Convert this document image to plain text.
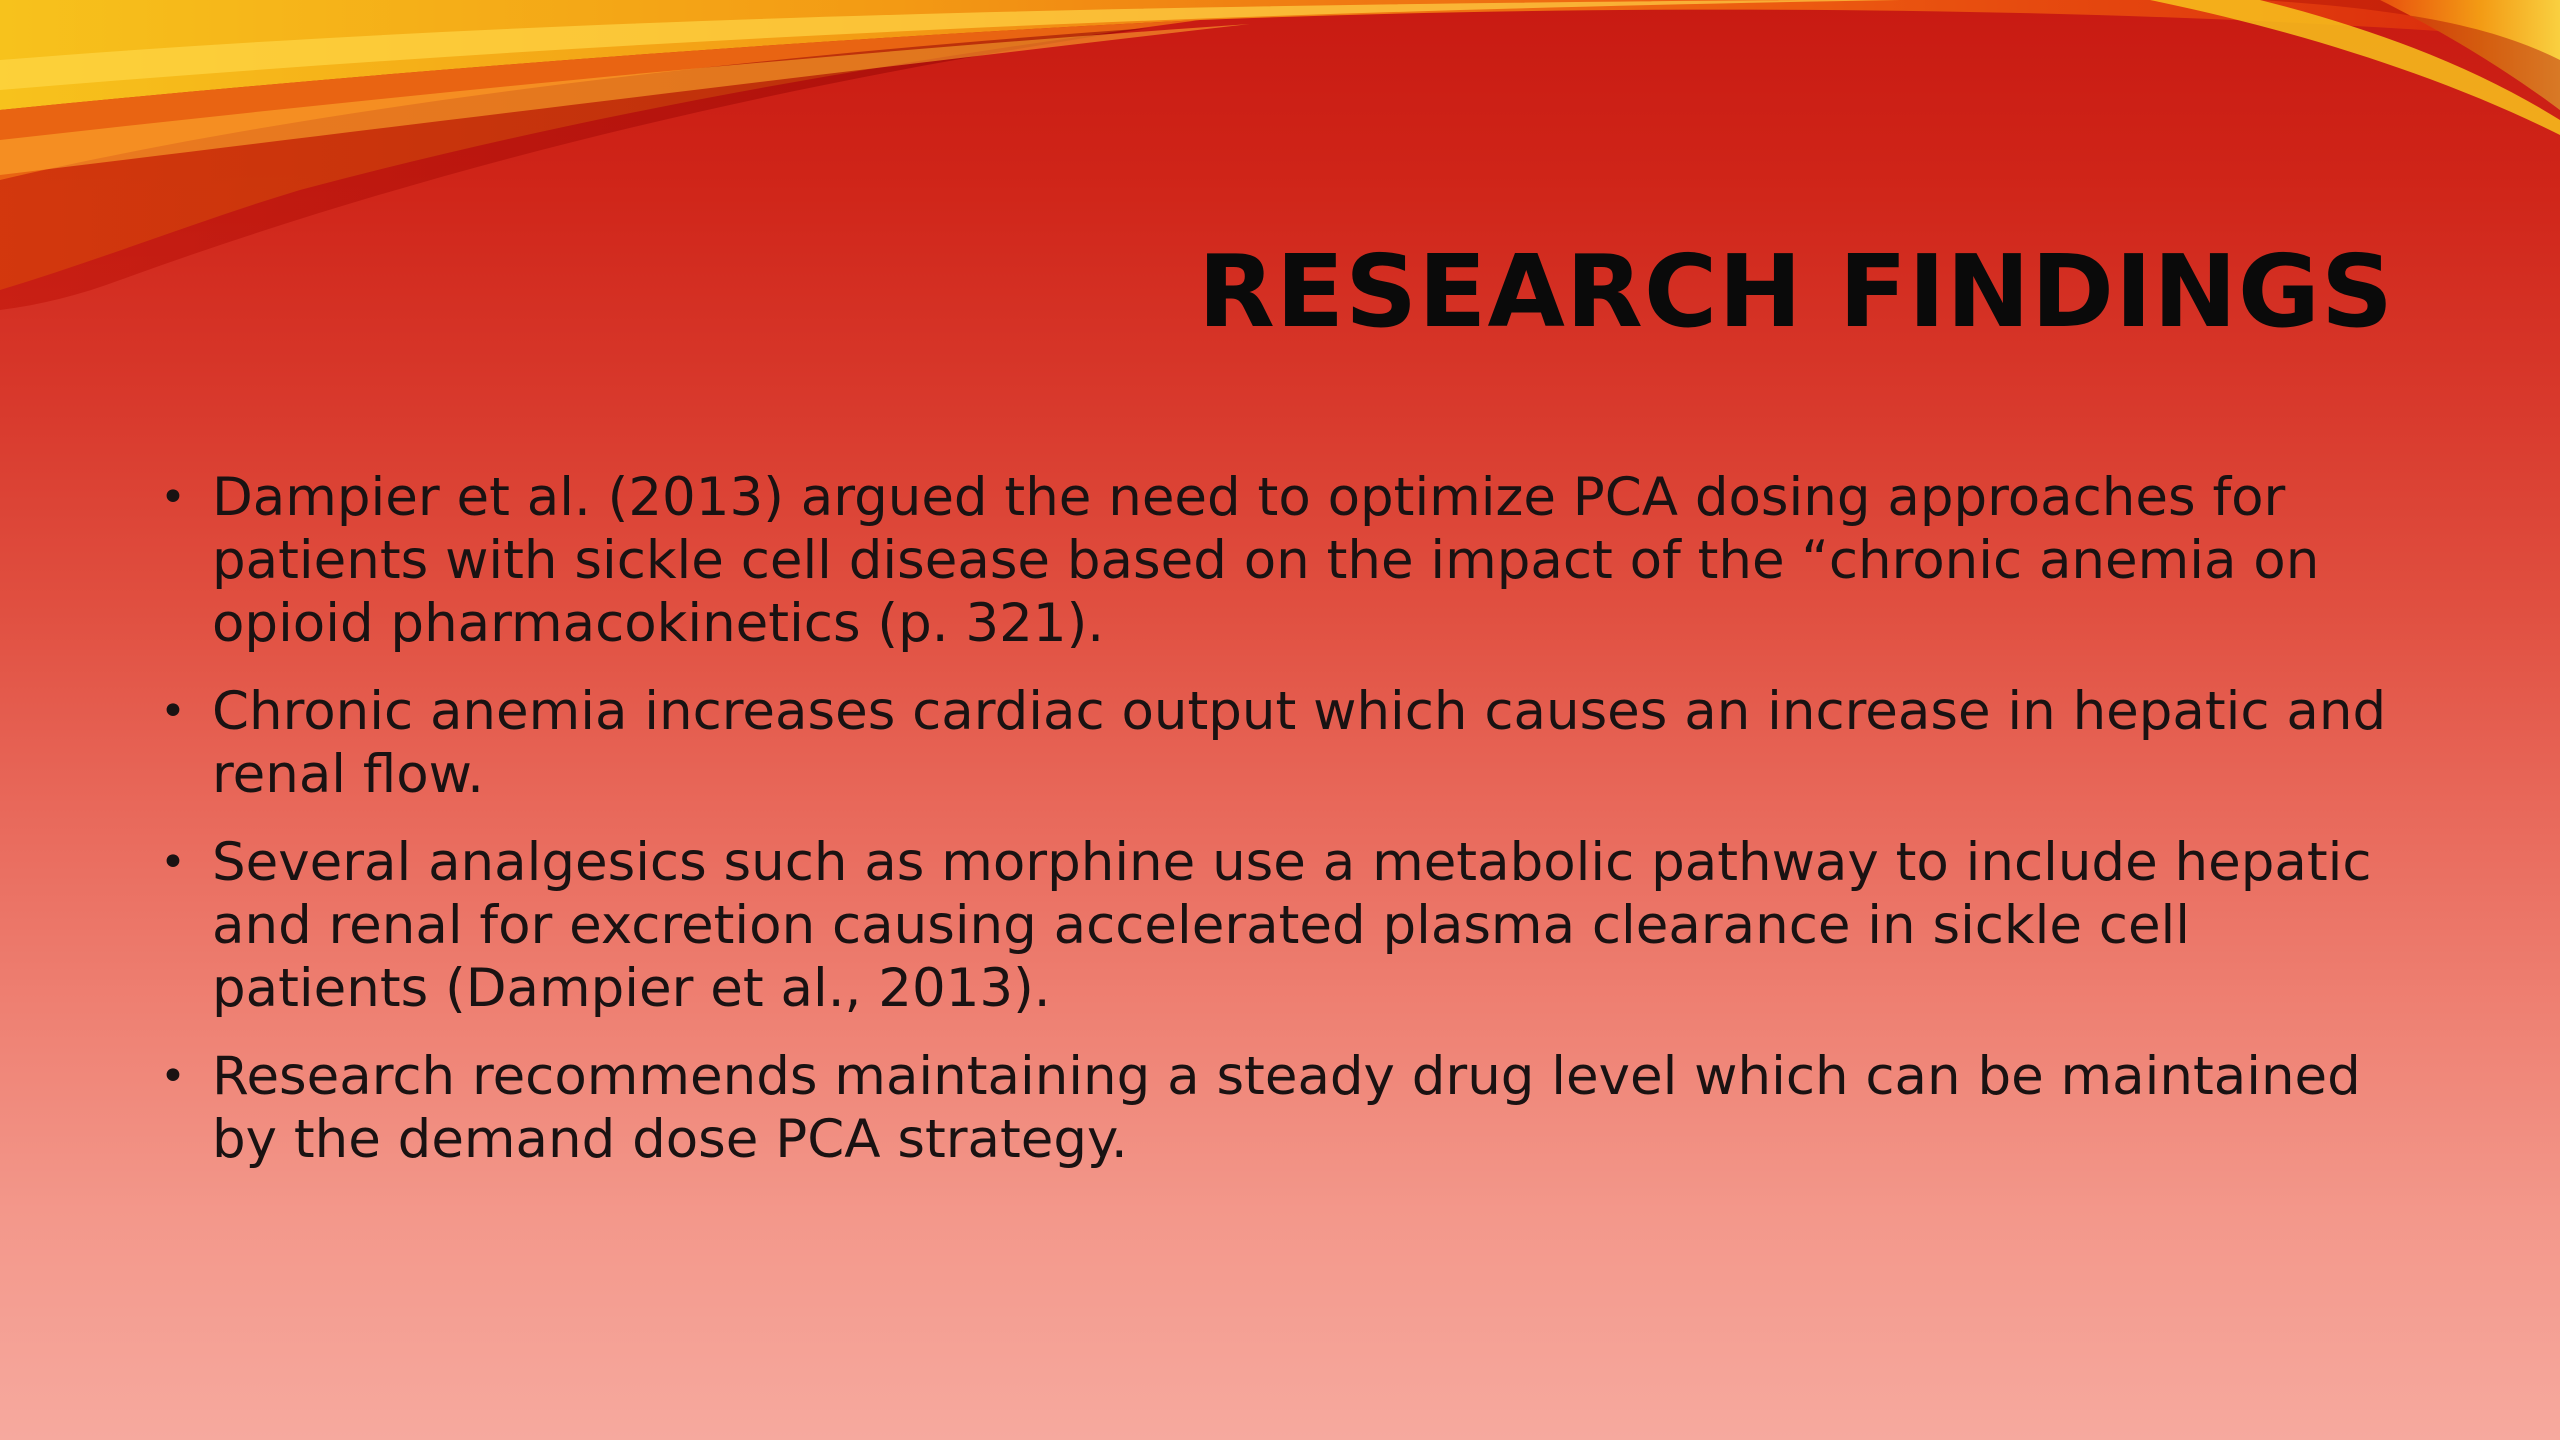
RESEARCH FINDINGS
• Dampier et al. (2013) argued the need to optimize PCA dosing approaches for patients with sickle cell disease based on the impact of the “chronic anemia on opioid pharmacokinetics (p. 321).
• Chronic anemia increases cardiac output which causes an increase in hepatic and renal flow.
• Several analgesics such as morphine use a metabolic pathway to include hepatic and renal for excretion causing accelerated plasma clearance in sickle cell patients (Dampier et al., 2013).
• Research recommends maintaining a steady drug level which can be maintained by the demand dose PCA strategy.
